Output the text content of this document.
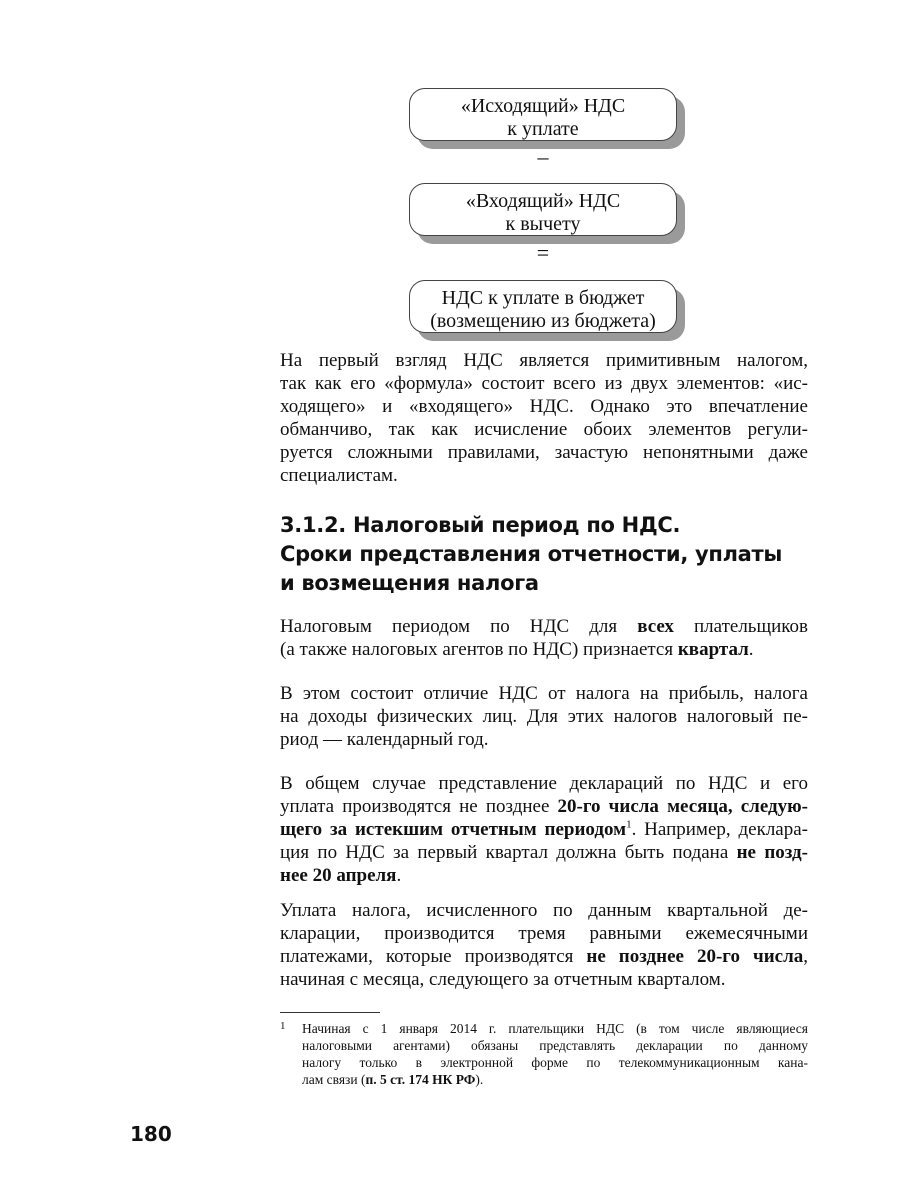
«Исходящий» НДС
к уплате
–
«Входящий» НДС
к вычету
=
НДС к уплате в бюджет
(возмещению из бюджета)

На первый взгляд НДС является примитивным налогом,
так как его «формула» состоит всего из двух элементов: «ис-
ходящего» и «входящего» НДС. Однако это впечатление
обманчиво, так как исчисление обоих элементов регули-
руется сложными правилами, зачастую непонятными даже
специалистам.

3.1.2. Налоговый период по НДС.
Сроки представления отчетности, уплаты
и возмещения налога

Налоговым периодом по НДС для всех плательщиков
(а также налоговых агентов по НДС) признается квартал.

В этом состоит отличие НДС от налога на прибыль, налога
на доходы физических лиц. Для этих налогов налоговый пе-
риод — календарный год.

В общем случае представление деклараций по НДС и его
уплата производятся не позднее 20-го числа месяца, следую-
щего за истекшим отчетным периодом$^1$. Например, деклара-
ция по НДС за первый квартал должна быть подана не позд-
нее 20 апреля.

Уплата налога, исчисленного по данным квартальной де-
кларации, производится тремя равными ежемесячными
платежами, которые производятся не позднее 20-го числа,
начиная с месяца, следующего за отчетным кварталом.

1 Начиная с 1 января 2014 г. плательщики НДС (в том числе являющиеся
налоговыми агентами) обязаны представлять декларации по данному
налогу только в электронной форме по телекоммуникационным кана-
лам связи (п. 5 ст. 174 НК РФ).
180
